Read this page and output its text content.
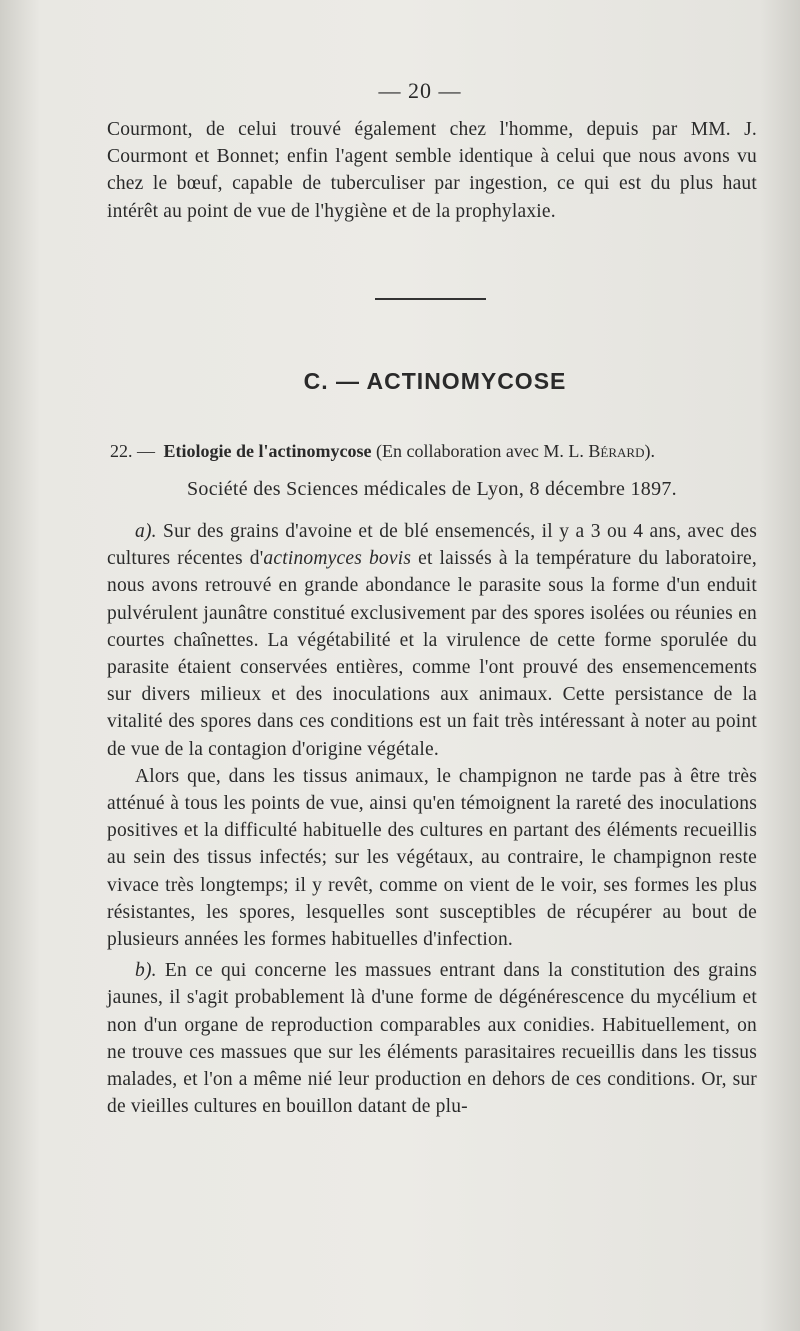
— 20 —

Courmont, de celui trouvé également chez l'homme, depuis par MM. J. Courmont et Bonnet; enfin l'agent semble identique à celui que nous avons vu chez le bœuf, capable de tuberculiser par ingestion, ce qui est du plus haut intérêt au point de vue de l'hygiène et de la prophylaxie.

C. — ACTINOMYCOSE
22. — Etiologie de l'actinomycose (En collaboration avec M. L. Bérard).
Société des Sciences médicales de Lyon, 8 décembre 1897.

a). Sur des grains d'avoine et de blé ensemencés, il y a 3 ou 4 ans, avec des cultures récentes d'actinomyces bovis et laissés à la température du laboratoire, nous avons retrouvé en grande abondance le parasite sous la forme d'un enduit pulvérulent jaunâtre constitué exclusivement par des spores isolées ou réunies en courtes chaînettes. La végétabilité et la virulence de cette forme sporulée du parasite étaient conservées entières, comme l'ont prouvé des ensemencements sur divers milieux et des inoculations aux animaux. Cette persistance de la vitalité des spores dans ces conditions est un fait très intéressant à noter au point de vue de la contagion d'origine végétale.

Alors que, dans les tissus animaux, le champignon ne tarde pas à être très atténué à tous les points de vue, ainsi qu'en témoignent la rareté des inoculations positives et la difficulté habituelle des cultures en partant des éléments recueillis au sein des tissus infectés; sur les végétaux, au contraire, le champignon reste vivace très longtemps; il y revêt, comme on vient de le voir, ses formes les plus résistantes, les spores, lesquelles sont susceptibles de récupérer au bout de plusieurs années les formes habituelles d'infection.

b). En ce qui concerne les massues entrant dans la constitution des grains jaunes, il s'agit probablement là d'une forme de dégénérescence du mycélium et non d'un organe de reproduction comparables aux conidies. Habituellement, on ne trouve ces massues que sur les éléments parasitaires recueillis dans les tissus malades, et l'on a même nié leur production en dehors de ces conditions. Or, sur de vieilles cultures en bouillon datant de plu-
